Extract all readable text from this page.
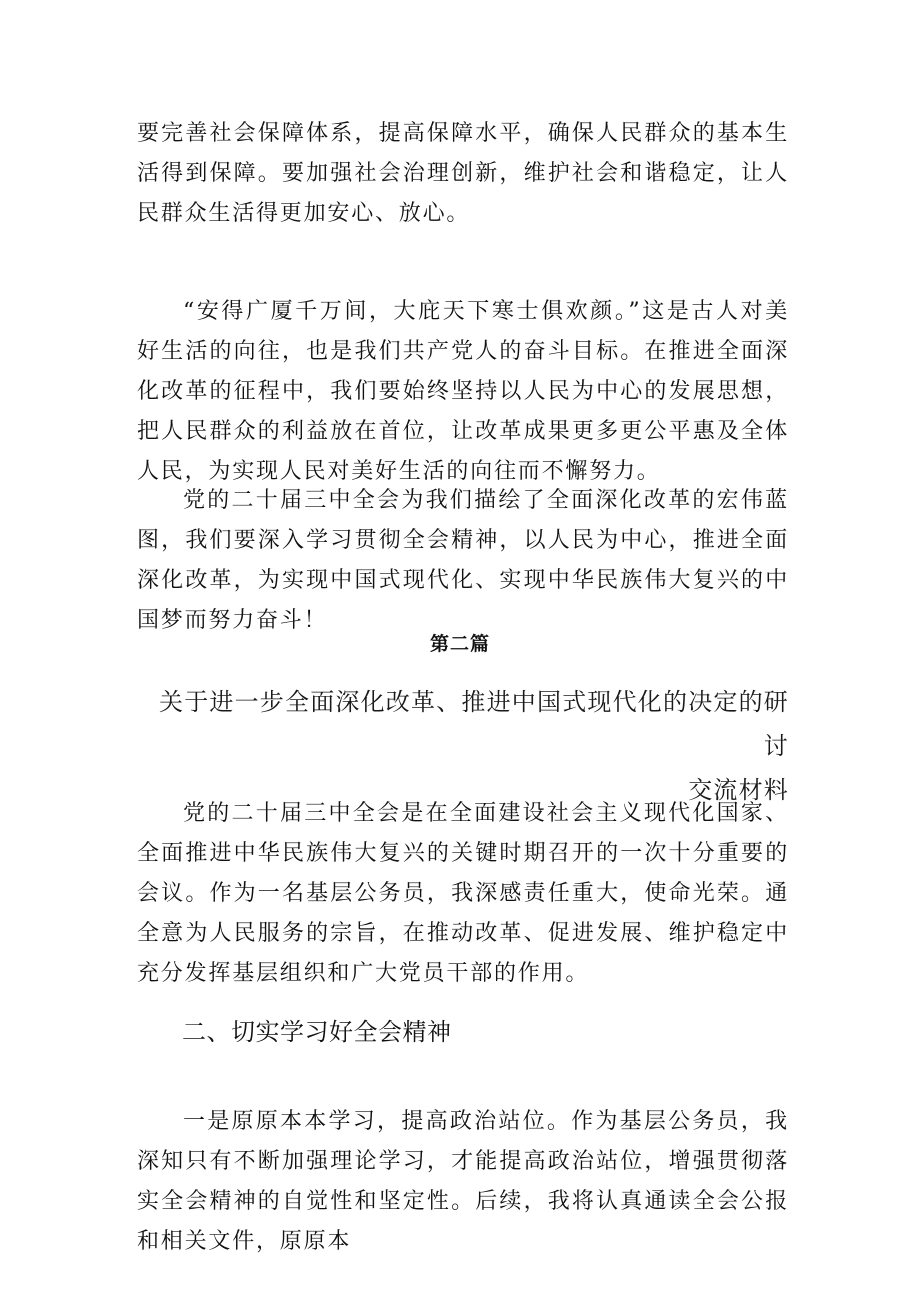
要完善社会保障体系，提高保障水平，确保人民群众的基本生活得到保障。要加强社会治理创新，维护社会和谐稳定，让人民群众生活得更加安心、放心。

“安得广厦千万间，大庇天下寒士俱欢颜。”这是古人对美好生活的向往，也是我们共产党人的奋斗目标。在推进全面深化改革的征程中，我们要始终坚持以人民为中心的发展思想，把人民群众的利益放在首位，让改革成果更多更公平惠及全体人民，为实现人民对美好生活的向往而不懈努力。

党的二十届三中全会为我们描绘了全面深化改革的宏伟蓝图，我们要深入学习贯彻全会精神，以人民为中心，推进全面深化改革，为实现中国式现代化、实现中华民族伟大复兴的中国梦而努力奋斗！

第二篇
关于进一步全面深化改革、推进中国式现代化的决定的研讨
交流材料

党的二十届三中全会是在全面建设社会主义现代化国家、全面推进中华民族伟大复兴的关键时期召开的一次十分重要的会议。作为一名基层公务员，我深感责任重大，使命光荣。通全意为人民服务的宗旨，在推动改革、促进发展、维护稳定中充分发挥基层组织和广大党员干部的作用。

二、切实学习好全会精神

一是原原本本学习，提高政治站位。作为基层公务员，我深知只有不断加强理论学习，才能提高政治站位，增强贯彻落实全会精神的自觉性和坚定性。后续，我将认真通读全会公报和相关文件，原原本
